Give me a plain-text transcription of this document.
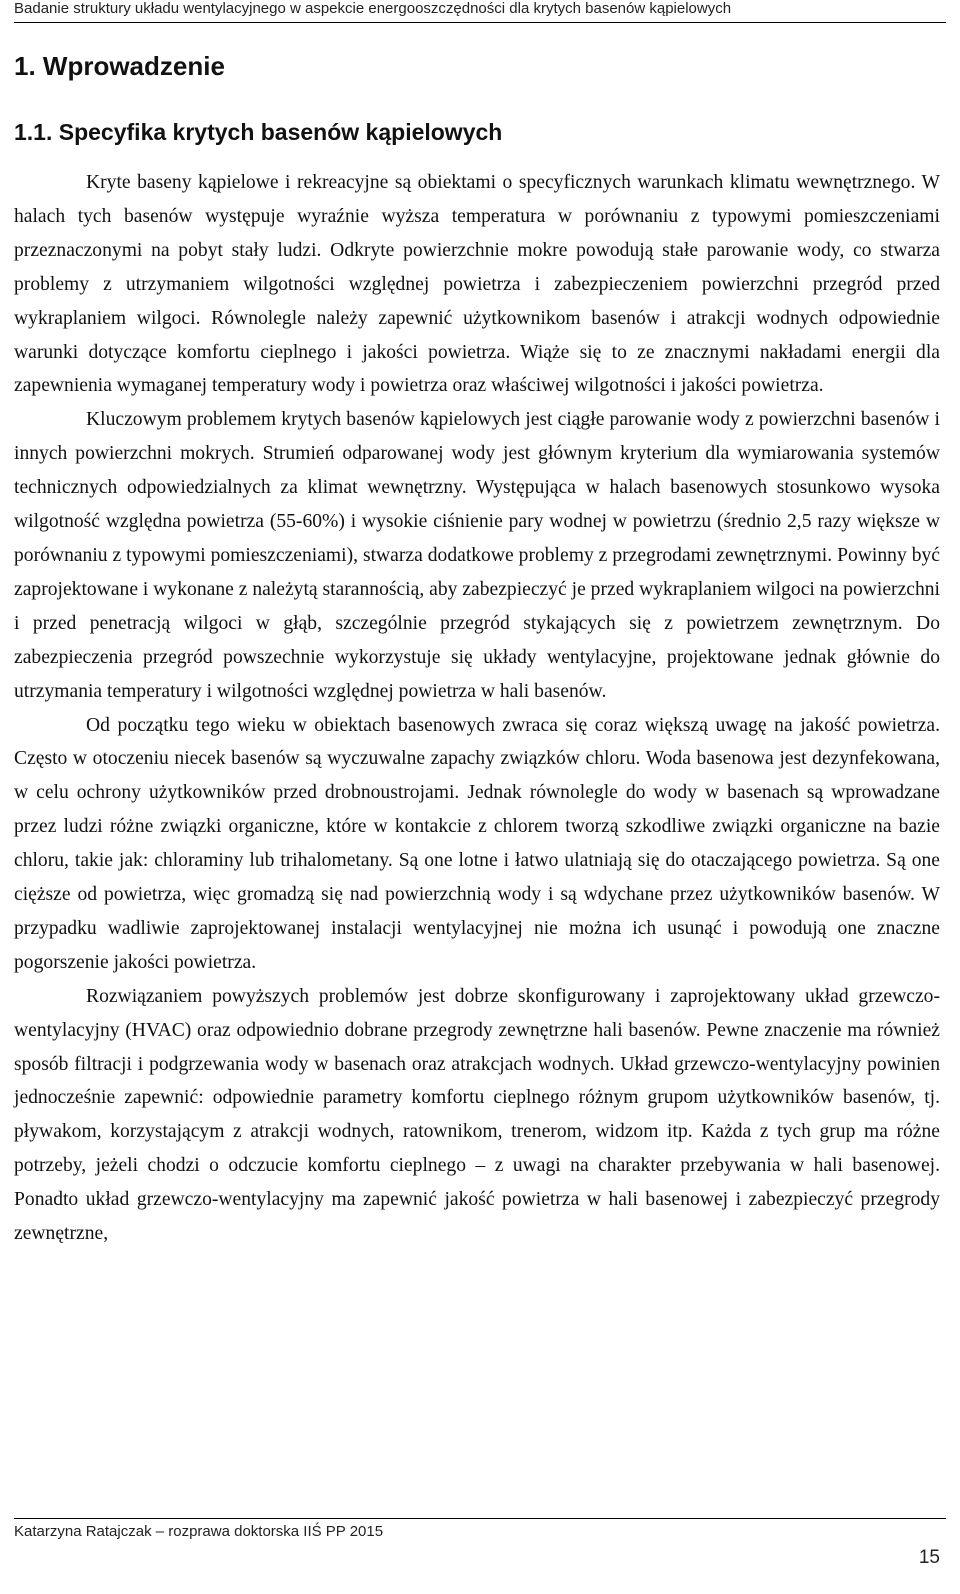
Badanie struktury układu wentylacyjnego w aspekcie energooszczędności dla krytych basenów kąpielowych
1. Wprowadzenie
1.1. Specyfika krytych basenów kąpielowych

Kryte baseny kąpielowe i rekreacyjne są obiektami o specyficznych warunkach klimatu wewnętrznego. W halach tych basenów występuje wyraźnie wyższa temperatura w porównaniu z typowymi pomieszczeniami przeznaczonymi na pobyt stały ludzi. Odkryte powierzchnie mokre powodują stałe parowanie wody, co stwarza problemy z utrzymaniem wilgotności względnej powietrza i zabezpieczeniem powierzchni przegród przed wykraplaniem wilgoci. Równolegle należy zapewnić użytkownikom basenów i atrakcji wodnych odpowiednie warunki dotyczące komfortu cieplnego i jakości powietrza. Wiąże się to ze znacznymi nakładami energii dla zapewnienia wymaganej temperatury wody i powietrza oraz właściwej wilgotności i jakości powietrza.

Kluczowym problemem krytych basenów kąpielowych jest ciągłe parowanie wody z powierzchni basenów i innych powierzchni mokrych. Strumień odparowanej wody jest głównym kryterium dla wymiarowania systemów technicznych odpowiedzialnych za klimat wewnętrzny. Występująca w halach basenowych stosunkowo wysoka wilgotność względna powietrza (55-60%) i wysokie ciśnienie pary wodnej w powietrzu (średnio 2,5 razy większe w porównaniu z typowymi pomieszczeniami), stwarza dodatkowe problemy z przegrodami zewnętrznymi. Powinny być zaprojektowane i wykonane z należytą starannością, aby zabezpieczyć je przed wykraplaniem wilgoci na powierzchni i przed penetracją wilgoci w głąb, szczególnie przegród stykających się z powietrzem zewnętrznym. Do zabezpieczenia przegród powszechnie wykorzystuje się układy wentylacyjne, projektowane jednak głównie do utrzymania temperatury i wilgotności względnej powietrza w hali basenów.

Od początku tego wieku w obiektach basenowych zwraca się coraz większą uwagę na jakość powietrza. Często w otoczeniu niecek basenów są wyczuwalne zapachy związków chloru. Woda basenowa jest dezynfekowana, w celu ochrony użytkowników przed drobnoustrojami. Jednak równolegle do wody w basenach są wprowadzane przez ludzi różne związki organiczne, które w kontakcie z chlorem tworzą szkodliwe związki organiczne na bazie chloru, takie jak: chloraminy lub trihalometany. Są one lotne i łatwo ulatniają się do otaczającego powietrza. Są one cięższe od powietrza, więc gromadzą się nad powierzchnią wody i są wdychane przez użytkowników basenów. W przypadku wadliwie zaprojektowanej instalacji wentylacyjnej nie można ich usunąć i powodują one znaczne pogorszenie jakości powietrza.

Rozwiązaniem powyższych problemów jest dobrze skonfigurowany i zaprojektowany układ grzewczo-wentylacyjny (HVAC) oraz odpowiednio dobrane przegrody zewnętrzne hali basenów. Pewne znaczenie ma również sposób filtracji i podgrzewania wody w basenach oraz atrakcjach wodnych. Układ grzewczo-wentylacyjny powinien jednocześnie zapewnić: odpowiednie parametry komfortu cieplnego różnym grupom użytkowników basenów, tj. pływakom, korzystającym z atrakcji wodnych, ratownikom, trenerom, widzom itp. Każda z tych grup ma różne potrzeby, jeżeli chodzi o odczucie komfortu cieplnego – z uwagi na charakter przebywania w hali basenowej. Ponadto układ grzewczo-wentylacyjny ma zapewnić jakość powietrza w hali basenowej i zabezpieczyć przegrody zewnętrzne,

Katarzyna Ratajczak – rozprawa doktorska IIŚ PP 2015
15
